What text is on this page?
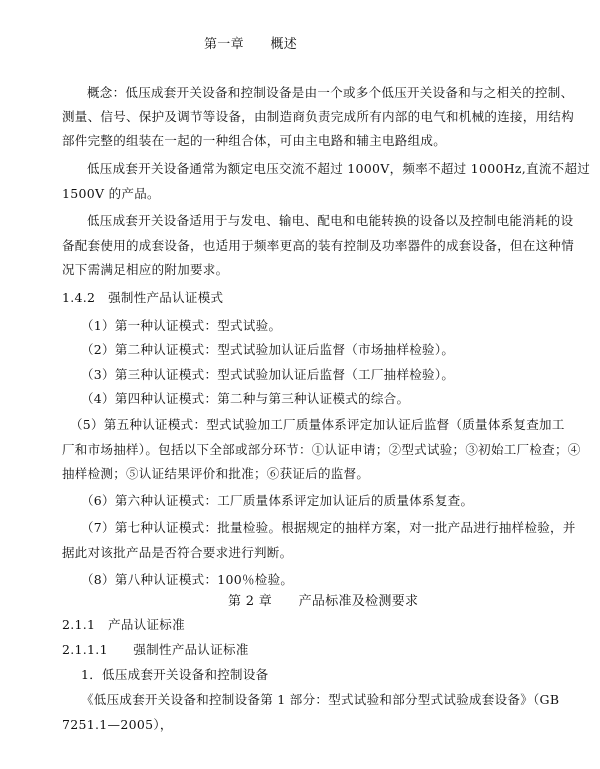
第一章　　概述
概念：低压成套开关设备和控制设备是由一个或多个低压开关设备和与之相关的控制、
测量、信号、保护及调节等设备，由制造商负责完成所有内部的电气和机械的连接，用结构
部件完整的组装在一起的一种组合体，可由主电路和辅主电路组成。
低压成套开关设备通常为额定电压交流不超过 1000V，频率不超过 1000Hz,直流不超过
1500V 的产品。
低压成套开关设备适用于与发电、输电、配电和电能转换的设备以及控制电能消耗的设
备配套使用的成套设备，也适用于频率更高的装有控制及功率器件的成套设备，但在这种情
况下需满足相应的附加要求。
1.4.2　强制性产品认证模式
（1）第一种认证模式：型式试验。
（2）第二种认证模式：型式试验加认证后监督（市场抽样检验）。
（3）第三种认证模式：型式试验加认证后监督（工厂抽样检验）。
（4）第四种认证模式：第二种与第三种认证模式的综合。
（5）第五种认证模式：型式试验加工厂质量体系评定加认证后监督（质量体系复查加工
厂和市场抽样）。包括以下全部或部分环节：①认证申请；②型式试验；③初始工厂检查；④
抽样检测；⑤认证结果评价和批准；⑥获证后的监督。
（6）第六种认证模式：工厂质量体系评定加认证后的质量体系复查。
（7）第七种认证模式：批量检验。根据规定的抽样方案，对一批产品进行抽样检验，并
据此对该批产品是否符合要求进行判断。
（8）第八种认证模式：100％检验。
第 2 章　　产品标准及检测要求
2.1.1　产品认证标准
2.1.1.1　　强制性产品认证标准
1．低压成套开关设备和控制设备
《低压成套开关设备和控制设备第 1 部分：型式试验和部分型式试验成套设备》（GB
7251.1—2005），
